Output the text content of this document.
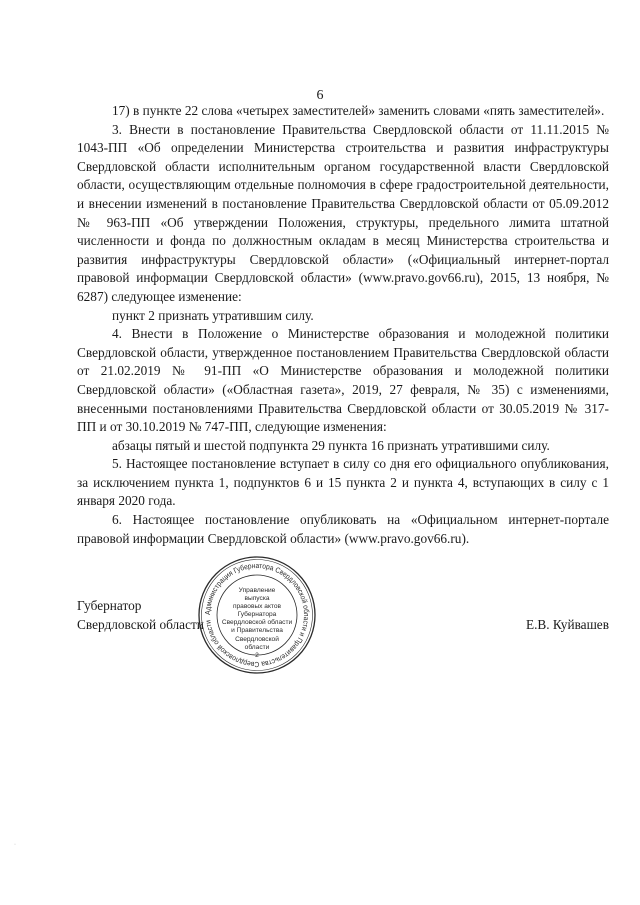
6

17) в пункте 22 слова «четырех заместителей» заменить словами «пять заместителей».

3. Внести в постановление Правительства Свердловской области от 11.11.2015 № 1043-ПП «Об определении Министерства строительства и развития инфраструктуры Свердловской области исполнительным органом государственной власти Свердловской области, осуществляющим отдельные полномочия в сфере градостроительной деятельности, и внесении изменений в постановление Правительства Свердловской области от 05.09.2012 № 963-ПП «Об утверждении Положения, структуры, предельного лимита штатной численности и фонда по должностным окладам в месяц Министерства строительства и развития инфраструктуры Свердловской области» («Официальный интернет-портал правовой информации Свердловской области» (www.pravo.gov66.ru), 2015, 13 ноября, № 6287) следующее изменение:

пункт 2 признать утратившим силу.

4. Внести в Положение о Министерстве образования и молодежной политики Свердловской области, утвержденное постановлением Правительства Свердловской области от 21.02.2019 № 91-ПП «О Министерстве образования и молодежной политики Свердловской области» («Областная газета», 2019, 27 февраля, № 35) с изменениями, внесенными постановлениями Правительства Свердловской области от 30.05.2019 № 317-ПП и от 30.10.2019 № 747-ПП, следующие изменения:

абзацы пятый и шестой подпункта 29 пункта 16 признать утратившими силу.

5. Настоящее постановление вступает в силу со дня его официального опубликования, за исключением пункта 1, подпунктов 6 и 15 пункта 2 и пункта 4, вступающих в силу с 1 января 2020 года.

6. Настоящее постановление опубликовать на «Официальном интернет-портале правовой информации Свердловской области» (www.pravo.gov66.ru).

Администрация Губернатора Свердловской области и Правительства Свердловской области
Управление
выпуска
правовых актов
Губернатора
Свердловской области
и Правительства
Свердловской
области
2
Губернатор
Свердловской области	Е.В. Куйвашев
·
